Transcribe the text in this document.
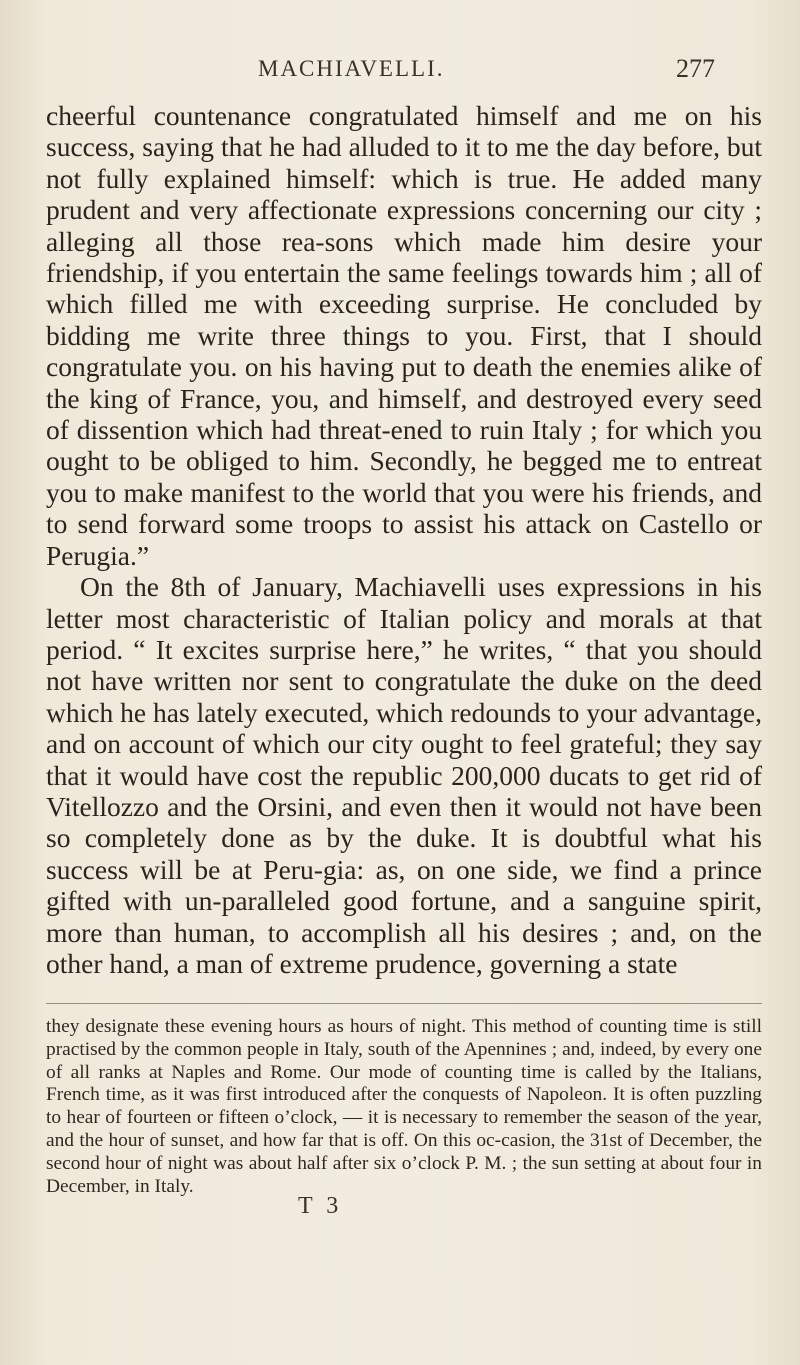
MACHIAVELLI.	277

cheerful countenance congratulated himself and me on his success, saying that he had alluded to it to me the day before, but not fully explained himself: which is true. He added many prudent and very affectionate expressions concerning our city ; alleging all those rea-sons which made him desire your friendship, if you entertain the same feelings towards him ; all of which filled me with exceeding surprise. He concluded by bidding me write three things to you. First, that I should congratulate you. on his having put to death the enemies alike of the king of France, you, and himself, and destroyed every seed of dissention which had threat-ened to ruin Italy ; for which you ought to be obliged to him. Secondly, he begged me to entreat you to make manifest to the world that you were his friends, and to send forward some troops to assist his attack on Castello or Perugia.”

On the 8th of January, Machiavelli uses expressions in his letter most characteristic of Italian policy and morals at that period. “ It excites surprise here,” he writes, “ that you should not have written nor sent to congratulate the duke on the deed which he has lately executed, which redounds to your advantage, and on account of which our city ought to feel grateful; they say that it would have cost the republic 200,000 ducats to get rid of Vitellozzo and the Orsini, and even then it would not have been so completely done as by the duke. It is doubtful what his success will be at Peru-gia: as, on one side, we find a prince gifted with un-paralleled good fortune, and a sanguine spirit, more than human, to accomplish all his desires ; and, on the other hand, a man of extreme prudence, governing a state

they designate these evening hours as hours of night. This method of counting time is still practised by the common people in Italy, south of the Apennines ; and, indeed, by every one of all ranks at Naples and Rome. Our mode of counting time is called by the Italians, French time, as it was first introduced after the conquests of Napoleon. It is often puzzling to hear of fourteen or fifteen o’clock, — it is necessary to remember the season of the year, and the hour of sunset, and how far that is off. On this oc-casion, the 31st of December, the second hour of night was about half after six o’clock P. M. ; the sun setting at about four in December, in Italy.

T 3
